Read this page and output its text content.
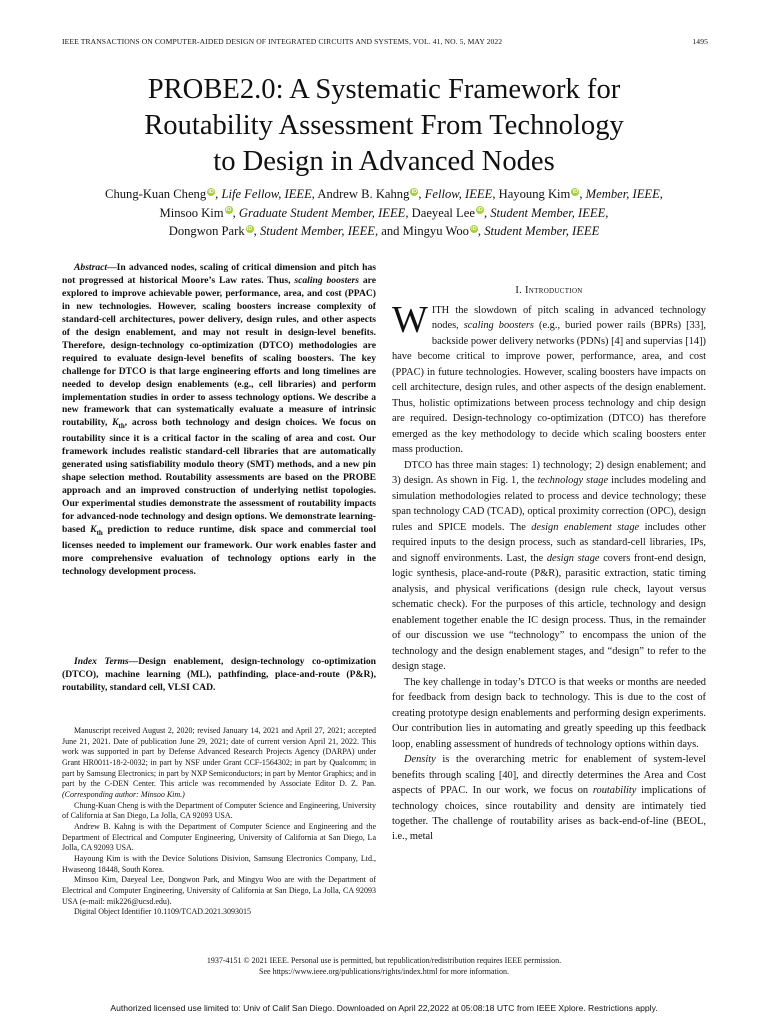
IEEE TRANSACTIONS ON COMPUTER-AIDED DESIGN OF INTEGRATED CIRCUITS AND SYSTEMS, VOL. 41, NO. 5, MAY 2022	1495
PROBE2.0: A Systematic Framework for
Routability Assessment From Technology
to Design in Advanced Nodes
Chung-Kuan Cheng iD, Life Fellow, IEEE, Andrew B. Kahng iD, Fellow, IEEE, Hayoung Kim iD, Member, IEEE,
Minsoo Kim iD, Graduate Student Member, IEEE, Daeyeal Lee iD, Student Member, IEEE,
Dongwon Park iD, Student Member, IEEE, and Mingyu Woo iD, Student Member, IEEE
Abstract—In advanced nodes, scaling of critical dimension and pitch has not progressed at historical Moore’s Law rates. Thus, scaling boosters are explored to improve achievable power, performance, area, and cost (PPAC) in new technologies. However, scaling boosters increase complexity of standard-cell architectures, power delivery, design rules, and other aspects of the design enablement, and may not result in design-level benefits. Therefore, design-technology co-optimization (DTCO) methodologies are required to evaluate design-level benefits of scaling boosters. The key challenge for DTCO is that large engineering efforts and long timelines are needed to develop design enablements (e.g., cell libraries) and perform implementation studies in order to assess technology options. We describe a new framework that can systematically evaluate a measure of intrinsic routability, $K_{th}$, across both technology and design choices. We focus on routability since it is a critical factor in the scaling of area and cost. Our framework includes realistic standard-cell libraries that are automatically generated using satisfiability modulo theory (SMT) methods, and a new pin shape selection method. Routability assessments are based on the PROBE approach and an improved construction of underlying netlist topologies. Our experimental studies demonstrate the assessment of routability impacts for advanced-node technology and design options. We demonstrate learning-based $K_{th}$ prediction to reduce runtime, disk space and commercial tool licenses needed to implement our framework. Our work enables faster and more comprehensive evaluation of technology options early in the technology development process.
Index Terms—Design enablement, design-technology co-optimization (DTCO), machine learning (ML), pathfinding, place-and-route (P&R), routability, standard cell, VLSI CAD.

Manuscript received August 2, 2020; revised January 14, 2021 and April 27, 2021; accepted June 21, 2021. Date of publication June 29, 2021; date of current version April 21, 2022. This work was supported in part by Defense Advanced Research Projects Agency (DARPA) under Grant HR0011-18-2-0032; in part by NSF under Grant CCF-1564302; in part by Qualcomm; in part by Samsung Electronics; in part by NXP Semiconductors; in part by Mentor Graphics; and in part by the C-DEN Center. This article was recommended by Associate Editor D. Z. Pan. (Corresponding author: Minsoo Kim.)

Chung-Kuan Cheng is with the Department of Computer Science and Engineering, University of California at San Diego, La Jolla, CA 92093 USA.

Andrew B. Kahng is with the Department of Computer Science and Engineering and the Department of Electrical and Computer Engineering, University of California at San Diego, La Jolla, CA 92093 USA.

Hayoung Kim is with the Device Solutions Disivion, Samsung Electronics Company, Ltd., Hwaseong 18448, South Korea.

Minsoo Kim, Daeyeal Lee, Dongwon Park, and Mingyu Woo are with the Department of Electrical and Computer Engineering, University of California at San Diego, La Jolla, CA 92093 USA (e-mail: mik226@ucsd.edu).

Digital Object Identifier 10.1109/TCAD.2021.3093015

I. Introduction

WITH the slowdown of pitch scaling in advanced technology nodes, scaling boosters (e.g., buried power rails (BPRs) [33], backside power delivery networks (PDNs) [4] and supervias [14]) have become critical to improve power, performance, area, and cost (PPAC) in future technologies. However, scaling boosters have impacts on cell architecture, design rules, and other aspects of the design enablement. Thus, holistic optimizations between process technology and chip design are required. Design-technology co-optimization (DTCO) has therefore emerged as the key methodology to decide which scaling boosters enter mass production.

DTCO has three main stages: 1) technology; 2) design enablement; and 3) design. As shown in Fig. 1, the technology stage includes modeling and simulation methodologies related to process and device technology; these span technology CAD (TCAD), optical proximity correction (OPC), design rules and SPICE models. The design enablement stage includes other required inputs to the design process, such as standard-cell libraries, IPs, and signoff environments. Last, the design stage covers front-end design, logic synthesis, place-and-route (P&R), parasitic extraction, static timing analysis, and physical verifications (design rule check, layout versus schematic check). For the purposes of this article, technology and design enablement together enable the IC design process. Thus, in the remainder of our discussion we use “technology” to encompass the union of the technology and the design enablement stages, and “design” to refer to the design stage.

The key challenge in today’s DTCO is that weeks or months are needed for feedback from design back to technology. This is due to the cost of creating prototype design enablements and performing design experiments. Our contribution lies in automating and greatly speeding up this feedback loop, enabling assessment of hundreds of technology options within days.

Density is the overarching metric for enablement of system-level benefits through scaling [40], and directly determines the Area and Cost aspects of PPAC. In our work, we focus on routability implications of technology choices, since routability and density are intimately tied together. The challenge of routability arises as back-end-of-line (BEOL, i.e., metal

1937-4151 © 2021 IEEE. Personal use is permitted, but republication/redistribution requires IEEE permission.
See https://www.ieee.org/publications/rights/index.html for more information.
Authorized licensed use limited to: Univ of Calif San Diego. Downloaded on April 22,2022 at 05:08:18 UTC from IEEE Xplore. Restrictions apply.
